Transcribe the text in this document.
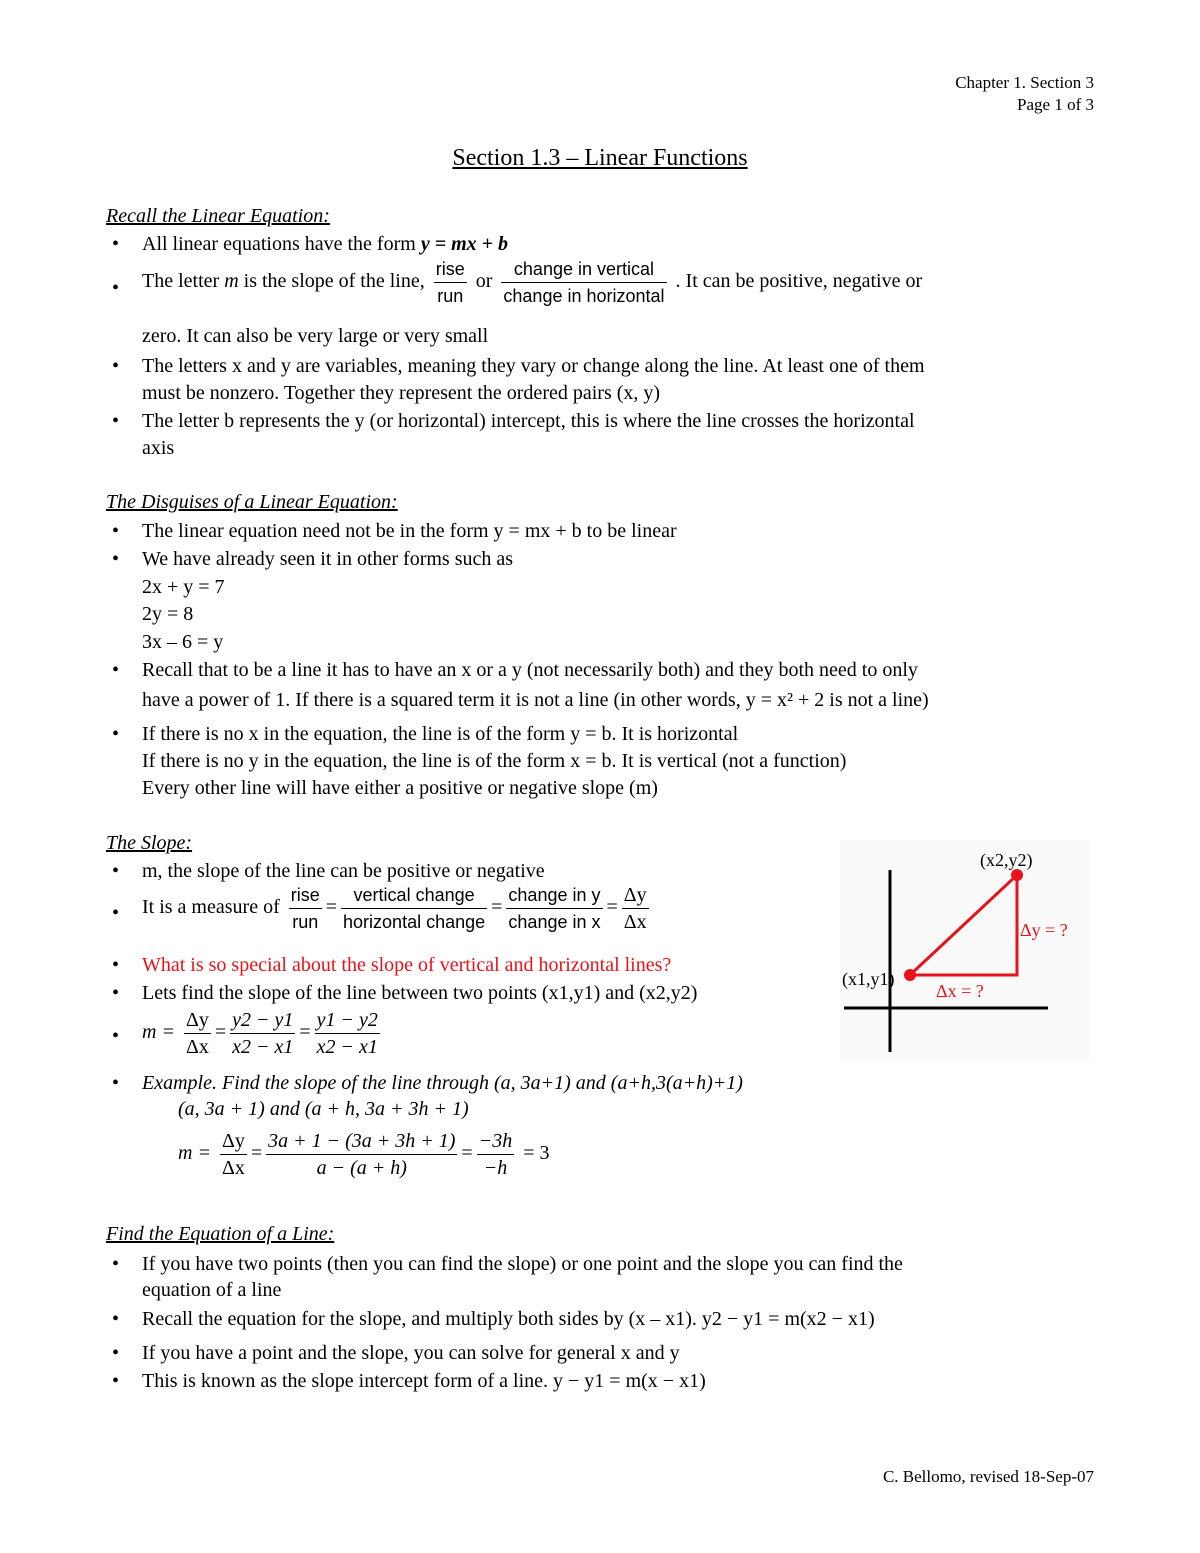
Chapter 1. Section 3
Page 1 of 3
Section 1.3 – Linear Functions
Recall the Linear Equation:
• All linear equations have the form y = mx + b
• The letter m is the slope of the line, $\frac{\text{rise}}{\text{run}}$ or $\frac{\text{change in vertical}}{\text{change in horizontal}}$ . It can be positive, negative or
zero. It can also be very large or very small
• The letters x and y are variables, meaning they vary or change along the line. At least one of them
must be nonzero. Together they represent the ordered pairs (x, y)
• The letter b represents the y (or horizontal) intercept, this is where the line crosses the horizontal
axis
The Disguises of a Linear Equation:
• The linear equation need not be in the form y = mx + b to be linear
• We have already seen it in other forms such as
2x + y = 7
2y = 8
3x – 6 = y
• Recall that to be a line it has to have an x or a y (not necessarily both) and they both need to only
have a power of 1. If there is a squared term it is not a line (in other words, y = x² + 2 is not a line)
• If there is no x in the equation, the line is of the form y = b. It is horizontal
If there is no y in the equation, the line is of the form x = b. It is vertical (not a function)
Every other line will have either a positive or negative slope (m)
The Slope:
• m, the slope of the line can be positive or negative
• It is a measure of $\frac{\text{rise}}{\text{run}} = \frac{\text{vertical change}}{\text{horizontal change}} = \frac{\text{change in y}}{\text{change in x}} = \frac{\Delta y}{\Delta x}$
• What is so special about the slope of vertical and horizontal lines?
• Lets find the slope of the line between two points (x1,y1) and (x2,y2)
• $m = \frac{\Delta y}{\Delta x} = \frac{y2 - y1}{x2 - x1} = \frac{y1 - y2}{x2 - x1}$
• Example. Find the slope of the line through (a, 3a+1) and (a+h,3(a+h)+1)
(a, 3a + 1) and (a + h, 3a + 3h + 1)
$m = \frac{\Delta y}{\Delta x} = \frac{3a + 1 - (3a + 3h + 1)}{a - (a + h)} = \frac{-3h}{-h} = 3$
(x2,y2)
(x1,y1)
Δy = ?
Δx = ?
Find the Equation of a Line:
• If you have two points (then you can find the slope) or one point and the slope you can find the
equation of a line
• Recall the equation for the slope, and multiply both sides by (x – x1). y2 − y1 = m(x2 − x1)
• If you have a point and the slope, you can solve for general x and y
• This is known as the slope intercept form of a line. y − y1 = m(x − x1)
C. Bellomo, revised 18-Sep-07
